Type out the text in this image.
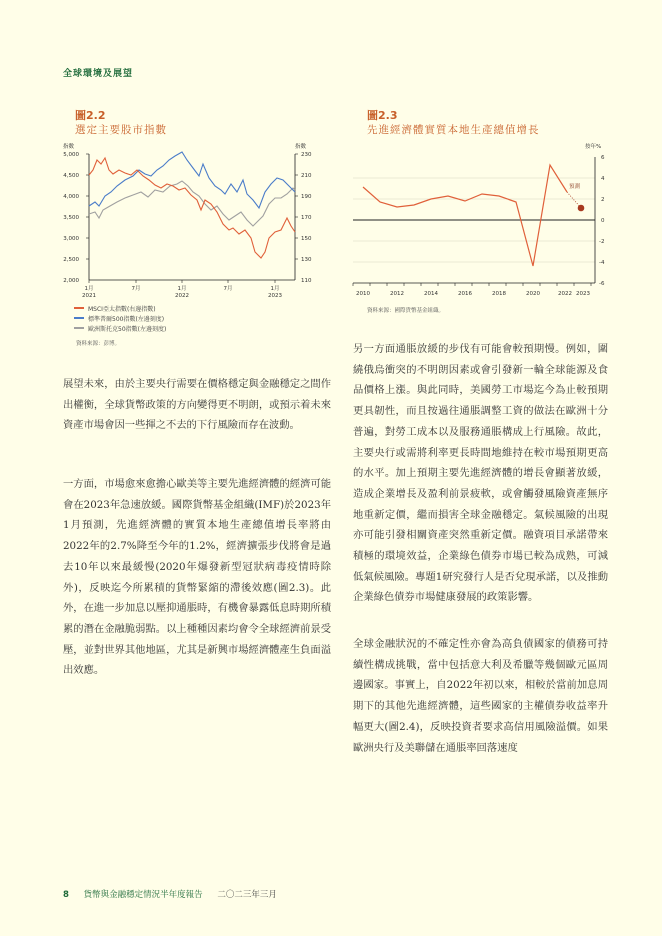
全球環境及展望
圖2.2
選定主要股市指數
指數	指數
5,000
4,500
4,000
3,500
3,000
2,500
2,000
230
210
190
170
150
130
110
1月
2021
7月	1月
2022
7月	1月
2023
MSCI亞太指數(右邊指數)
標準普爾500指數(左邊刻度)
歐洲斯托克50指數(左邊刻度)
資料來源：彭博。
圖2.3
先進經濟體實質本地生產總值增長
按年%
6
4
2
0
-2
-4
-6
2010	2012	2014	2016	2018	2020	2022 2023
預測
資料來源：國際貨幣基金組織。
展望未來，由於主要央行需要在價格穩定與金融穩定之間作出權衡，全球貨幣政策的方向變得更不明朗，或預示着未來資產市場會因一些揮之不去的下行風險而存在波動。
一方面，市場愈來愈擔心歐美等主要先進經濟體的經濟可能會在2023年急速放緩。國際貨幣基金組織(IMF)於2023年1月預測，先進經濟體的實質本地生產總值增長率將由2022年的2.7%降至今年的1.2%，經濟擴張步伐將會是過去10年以來最緩慢(2020年爆發新型冠狀病毒疫情時除外)，反映迄今所累積的貨幣緊縮的滯後效應(圖2.3)。此外，在進一步加息以壓抑通脹時，有機會暴露低息時期所積累的潛在金融脆弱點。以上種種因素均會令全球經濟前景受壓，並對世界其他地區，尤其是新興市場經濟體產生負面溢出效應。
另一方面通脹放緩的步伐有可能會較預期慢。例如，圍繞俄烏衝突的不明朗因素或會引發新一輪全球能源及食品價格上漲。與此同時，美國勞工市場迄今為止較預期更具韌性，而且按過往通脹調整工資的做法在歐洲十分普遍，對勞工成本以及服務通脹構成上行風險。故此，主要央行或需將利率更長時間地維持在較市場預期更高的水平。加上預期主要先進經濟體的增長會顯著放緩，造成企業增長及盈利前景疲軟，或會觸發風險資產無序地重新定價，繼而損害全球金融穩定。氣候風險的出現亦可能引發相關資產突然重新定價。融資項目承諾帶來積極的環境效益，企業綠色債券市場已較為成熟，可減低氣候風險。專題1研究發行人是否兌現承諾，以及推動企業綠色債券市場健康發展的政策影響。
全球金融狀況的不確定性亦會為高負債國家的債務可持續性構成挑戰，當中包括意大利及希臘等幾個歐元區周邊國家。事實上，自2022年初以來，相較於當前加息周期下的其他先進經濟體，這些國家的主權債券收益率升幅更大(圖2.4)，反映投資者要求高信用風險溢價。如果歐洲央行及美聯儲在通脹率回落速度
8 貨幣與金融穩定情況半年度報告 二〇二三年三月
